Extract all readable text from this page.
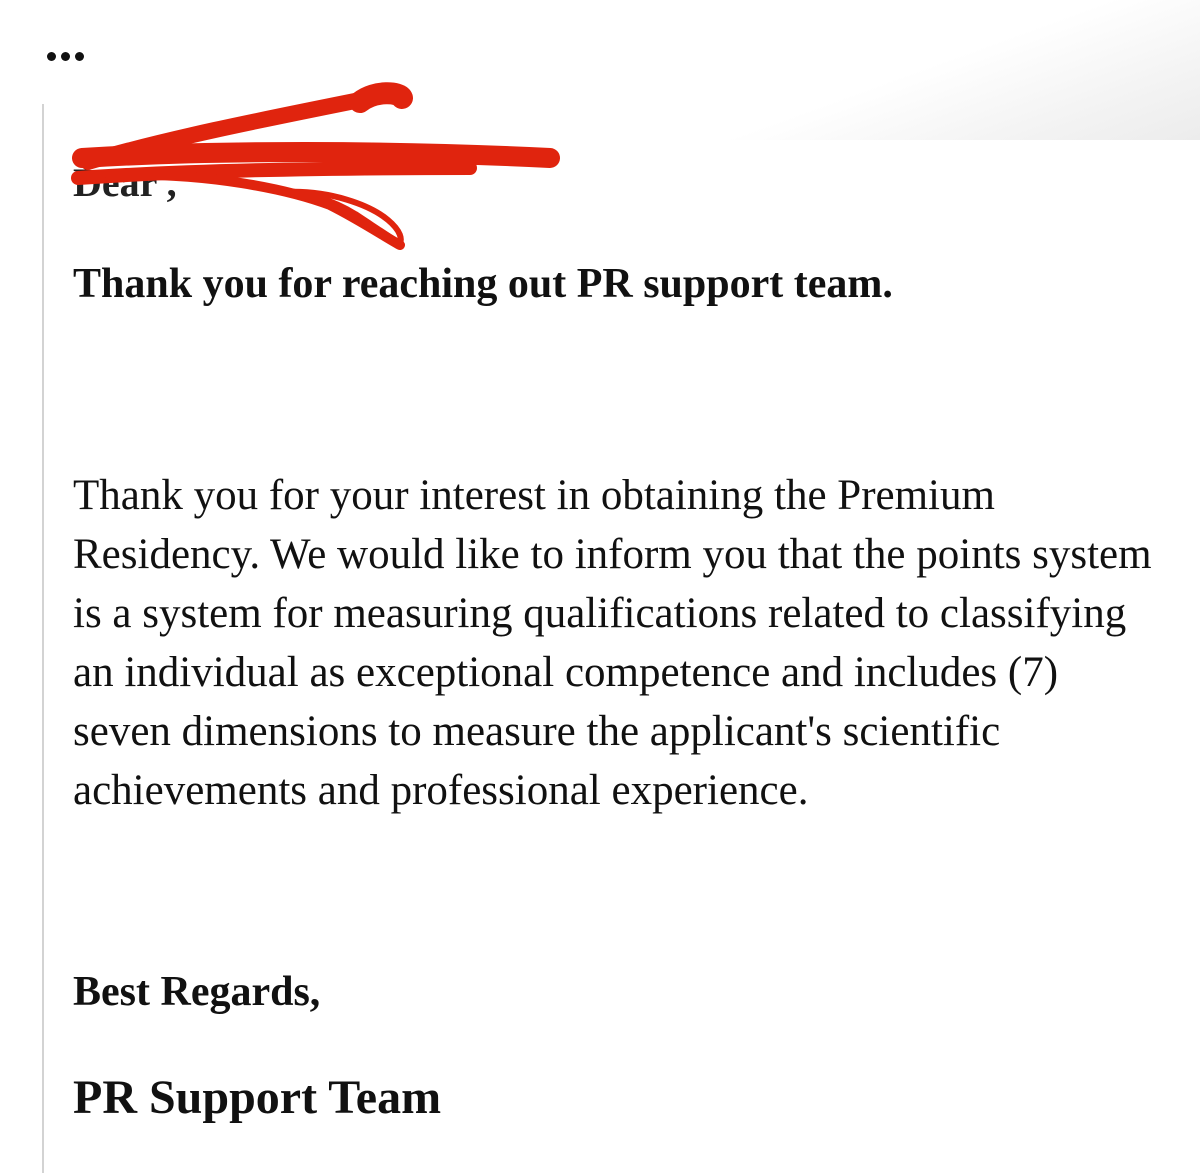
Dear ,
Thank you for reaching out PR support team.

Thank you for your interest in obtaining the Premium Residency. We would like to inform you that the points system is a system for measuring qualifications related to classifying an individual as exceptional competence and includes (7) seven dimensions to measure the applicant's scientific achievements and professional experience.

Best Regards,
PR Support Team
